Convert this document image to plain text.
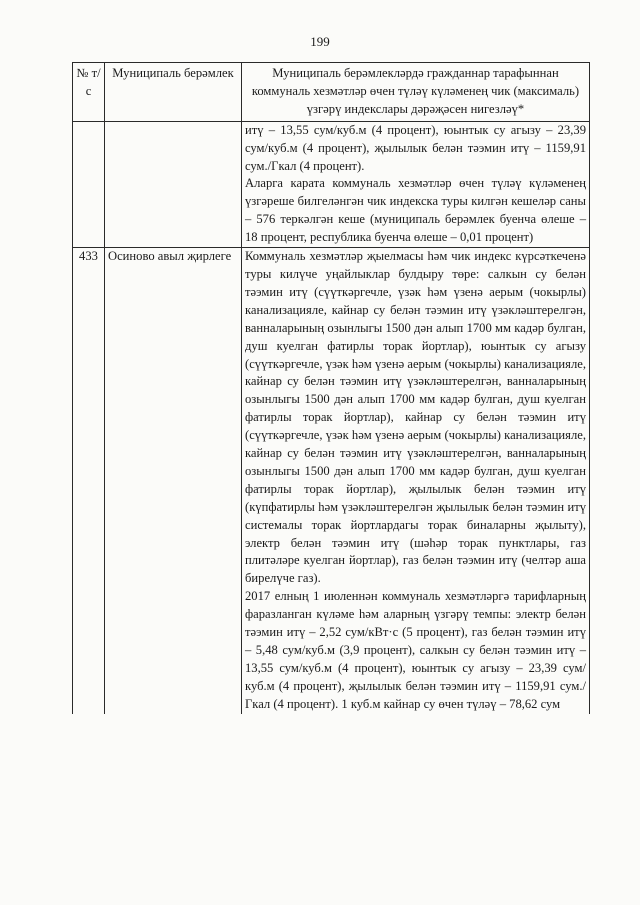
199
№ т/с	Муниципаль берәмлек	Муниципаль берәмлекләрдә гражданнар тарафыннан коммуналь хезмәтләр өчен түләү күләменең чик (максималь) үзгәрү индекслары дәрәҗәсен нигезләү*

		итү – 13,55 сум/куб.м (4 процент), юынтык су агызу – 23,39 сум/куб.м (4 процент), җылылык белән тәэмин итү – 1159,91 сум./Гкал (4 процент).
Аларга карата коммуналь хезмәтләр өчен түләү күләменең үзгәреше билгеләнгән чик индекска туры килгән кешеләр саны – 576 теркәлгән кеше (муниципаль берәмлек буенча өлеше – 18 процент, республика буенча өлеше – 0,01 процент)

433	Осиново авыл җирлеге	Коммуналь хезмәтләр җыелмасы һәм чик индекс күрсәткеченә туры килүче уңайлыклар булдыру төре: салкын су белән тәэмин итү (сүүткәргечле, үзәк һәм үзенә аерым (чокырлы) канализацияле, кайнар су белән тәэмин итү үзәкләштерелгән, ванналарының озынлыгы 1500 дән алып 1700 мм кадәр булган, душ куелган фатирлы торак йортлар), юынтык су агызу (сүүткәргечле, үзәк һәм үзенә аерым (чокырлы) канализацияле, кайнар су белән тәэмин итү үзәкләштерелгән, ванналарының озынлыгы 1500 дән алып 1700 мм кадәр булган, душ куелган фатирлы торак йортлар), кайнар су белән тәэмин итү (сүүткәргечле, үзәк һәм үзенә аерым (чокырлы) канализацияле, кайнар су белән тәэмин итү үзәкләштерелгән, ванналарының озынлыгы 1500 дән алып 1700 мм кадәр булган, душ куелган фатирлы торак йортлар), җылылык белән тәэмин итү (күпфатирлы һәм үзәкләштерелгән җылылык белән тәэмин итү системалы торак йортлардагы торак биналарны җылыту), электр белән тәэмин итү (шәһәр торак пунктлары, газ плитәләре куелган йортлар), газ белән тәэмин итү (челтәр аша бирелүче газ).
2017 елның 1 июленнән коммуналь хезмәтләргә тарифларның фаразланган күләме һәм аларның үзгәрү темпы: электр белән тәэмин итү – 2,52 сум/кВт·с (5 процент), газ белән тәэмин итү – 5,48 сум/куб.м (3,9 процент), салкын су белән тәэмин итү – 13,55 сум/куб.м (4 процент), юынтык су агызу – 23,39 сум/куб.м (4 процент), җылылык белән тәэмин итү – 1159,91 сум./Гкал (4 процент). 1 куб.м кайнар су өчен түләү – 78,62 сум
